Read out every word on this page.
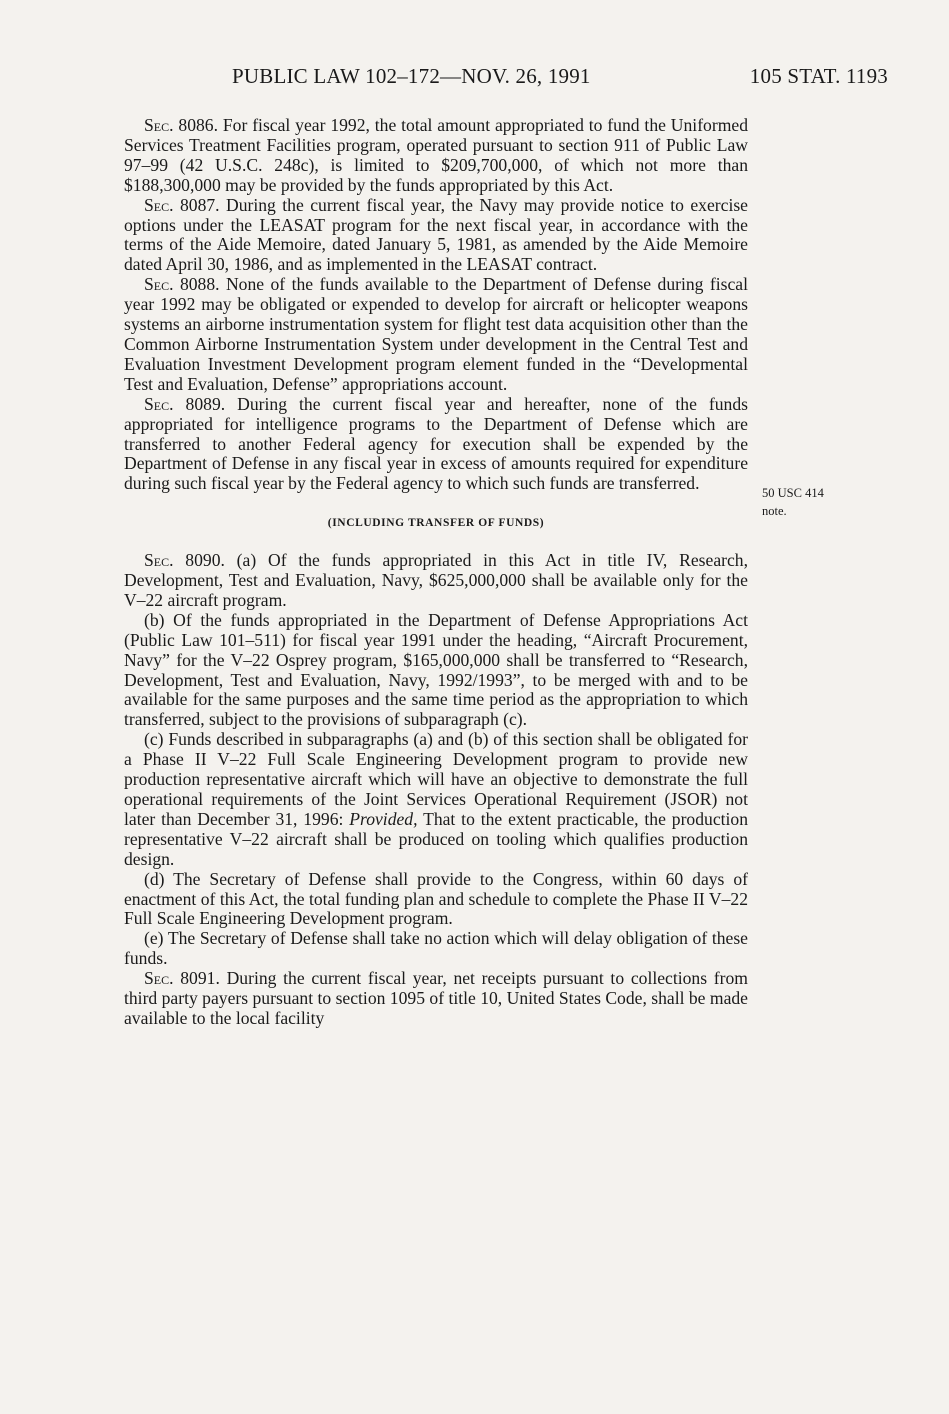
PUBLIC LAW 102–172—NOV. 26, 1991	105 STAT. 1193
50 USC 414
note.

Sec. 8086. For fiscal year 1992, the total amount appropriated to fund the Uniformed Services Treatment Facilities program, operated pursuant to section 911 of Public Law 97–99 (42 U.S.C. 248c), is limited to $209,700,000, of which not more than $188,300,000 may be provided by the funds appropriated by this Act.

Sec. 8087. During the current fiscal year, the Navy may provide notice to exercise options under the LEASAT program for the next fiscal year, in accordance with the terms of the Aide Memoire, dated January 5, 1981, as amended by the Aide Memoire dated April 30, 1986, and as implemented in the LEASAT contract.

Sec. 8088. None of the funds available to the Department of Defense during fiscal year 1992 may be obligated or expended to develop for aircraft or helicopter weapons systems an airborne instrumentation system for flight test data acquisition other than the Common Airborne Instrumentation System under development in the Central Test and Evaluation Investment Development program element funded in the “Developmental Test and Evaluation, Defense” appropriations account.

Sec. 8089. During the current fiscal year and hereafter, none of the funds appropriated for intelligence programs to the Department of Defense which are transferred to another Federal agency for execution shall be expended by the Department of Defense in any fiscal year in excess of amounts required for expenditure during such fiscal year by the Federal agency to which such funds are transferred.

(INCLUDING TRANSFER OF FUNDS)

Sec. 8090. (a) Of the funds appropriated in this Act in title IV, Research, Development, Test and Evaluation, Navy, $625,000,000 shall be available only for the V–22 aircraft program.

(b) Of the funds appropriated in the Department of Defense Appropriations Act (Public Law 101–511) for fiscal year 1991 under the heading, “Aircraft Procurement, Navy” for the V–22 Osprey program, $165,000,000 shall be transferred to “Research, Development, Test and Evaluation, Navy, 1992/1993”, to be merged with and to be available for the same purposes and the same time period as the appropriation to which transferred, subject to the provisions of subparagraph (c).

(c) Funds described in subparagraphs (a) and (b) of this section shall be obligated for a Phase II V–22 Full Scale Engineering Development program to provide new production representative aircraft which will have an objective to demonstrate the full operational requirements of the Joint Services Operational Requirement (JSOR) not later than December 31, 1996: Provided, That to the extent practicable, the production representative V–22 aircraft shall be produced on tooling which qualifies production design.

(d) The Secretary of Defense shall provide to the Congress, within 60 days of enactment of this Act, the total funding plan and schedule to complete the Phase II V–22 Full Scale Engineering Development program.

(e) The Secretary of Defense shall take no action which will delay obligation of these funds.

Sec. 8091. During the current fiscal year, net receipts pursuant to collections from third party payers pursuant to section 1095 of title 10, United States Code, shall be made available to the local facility
